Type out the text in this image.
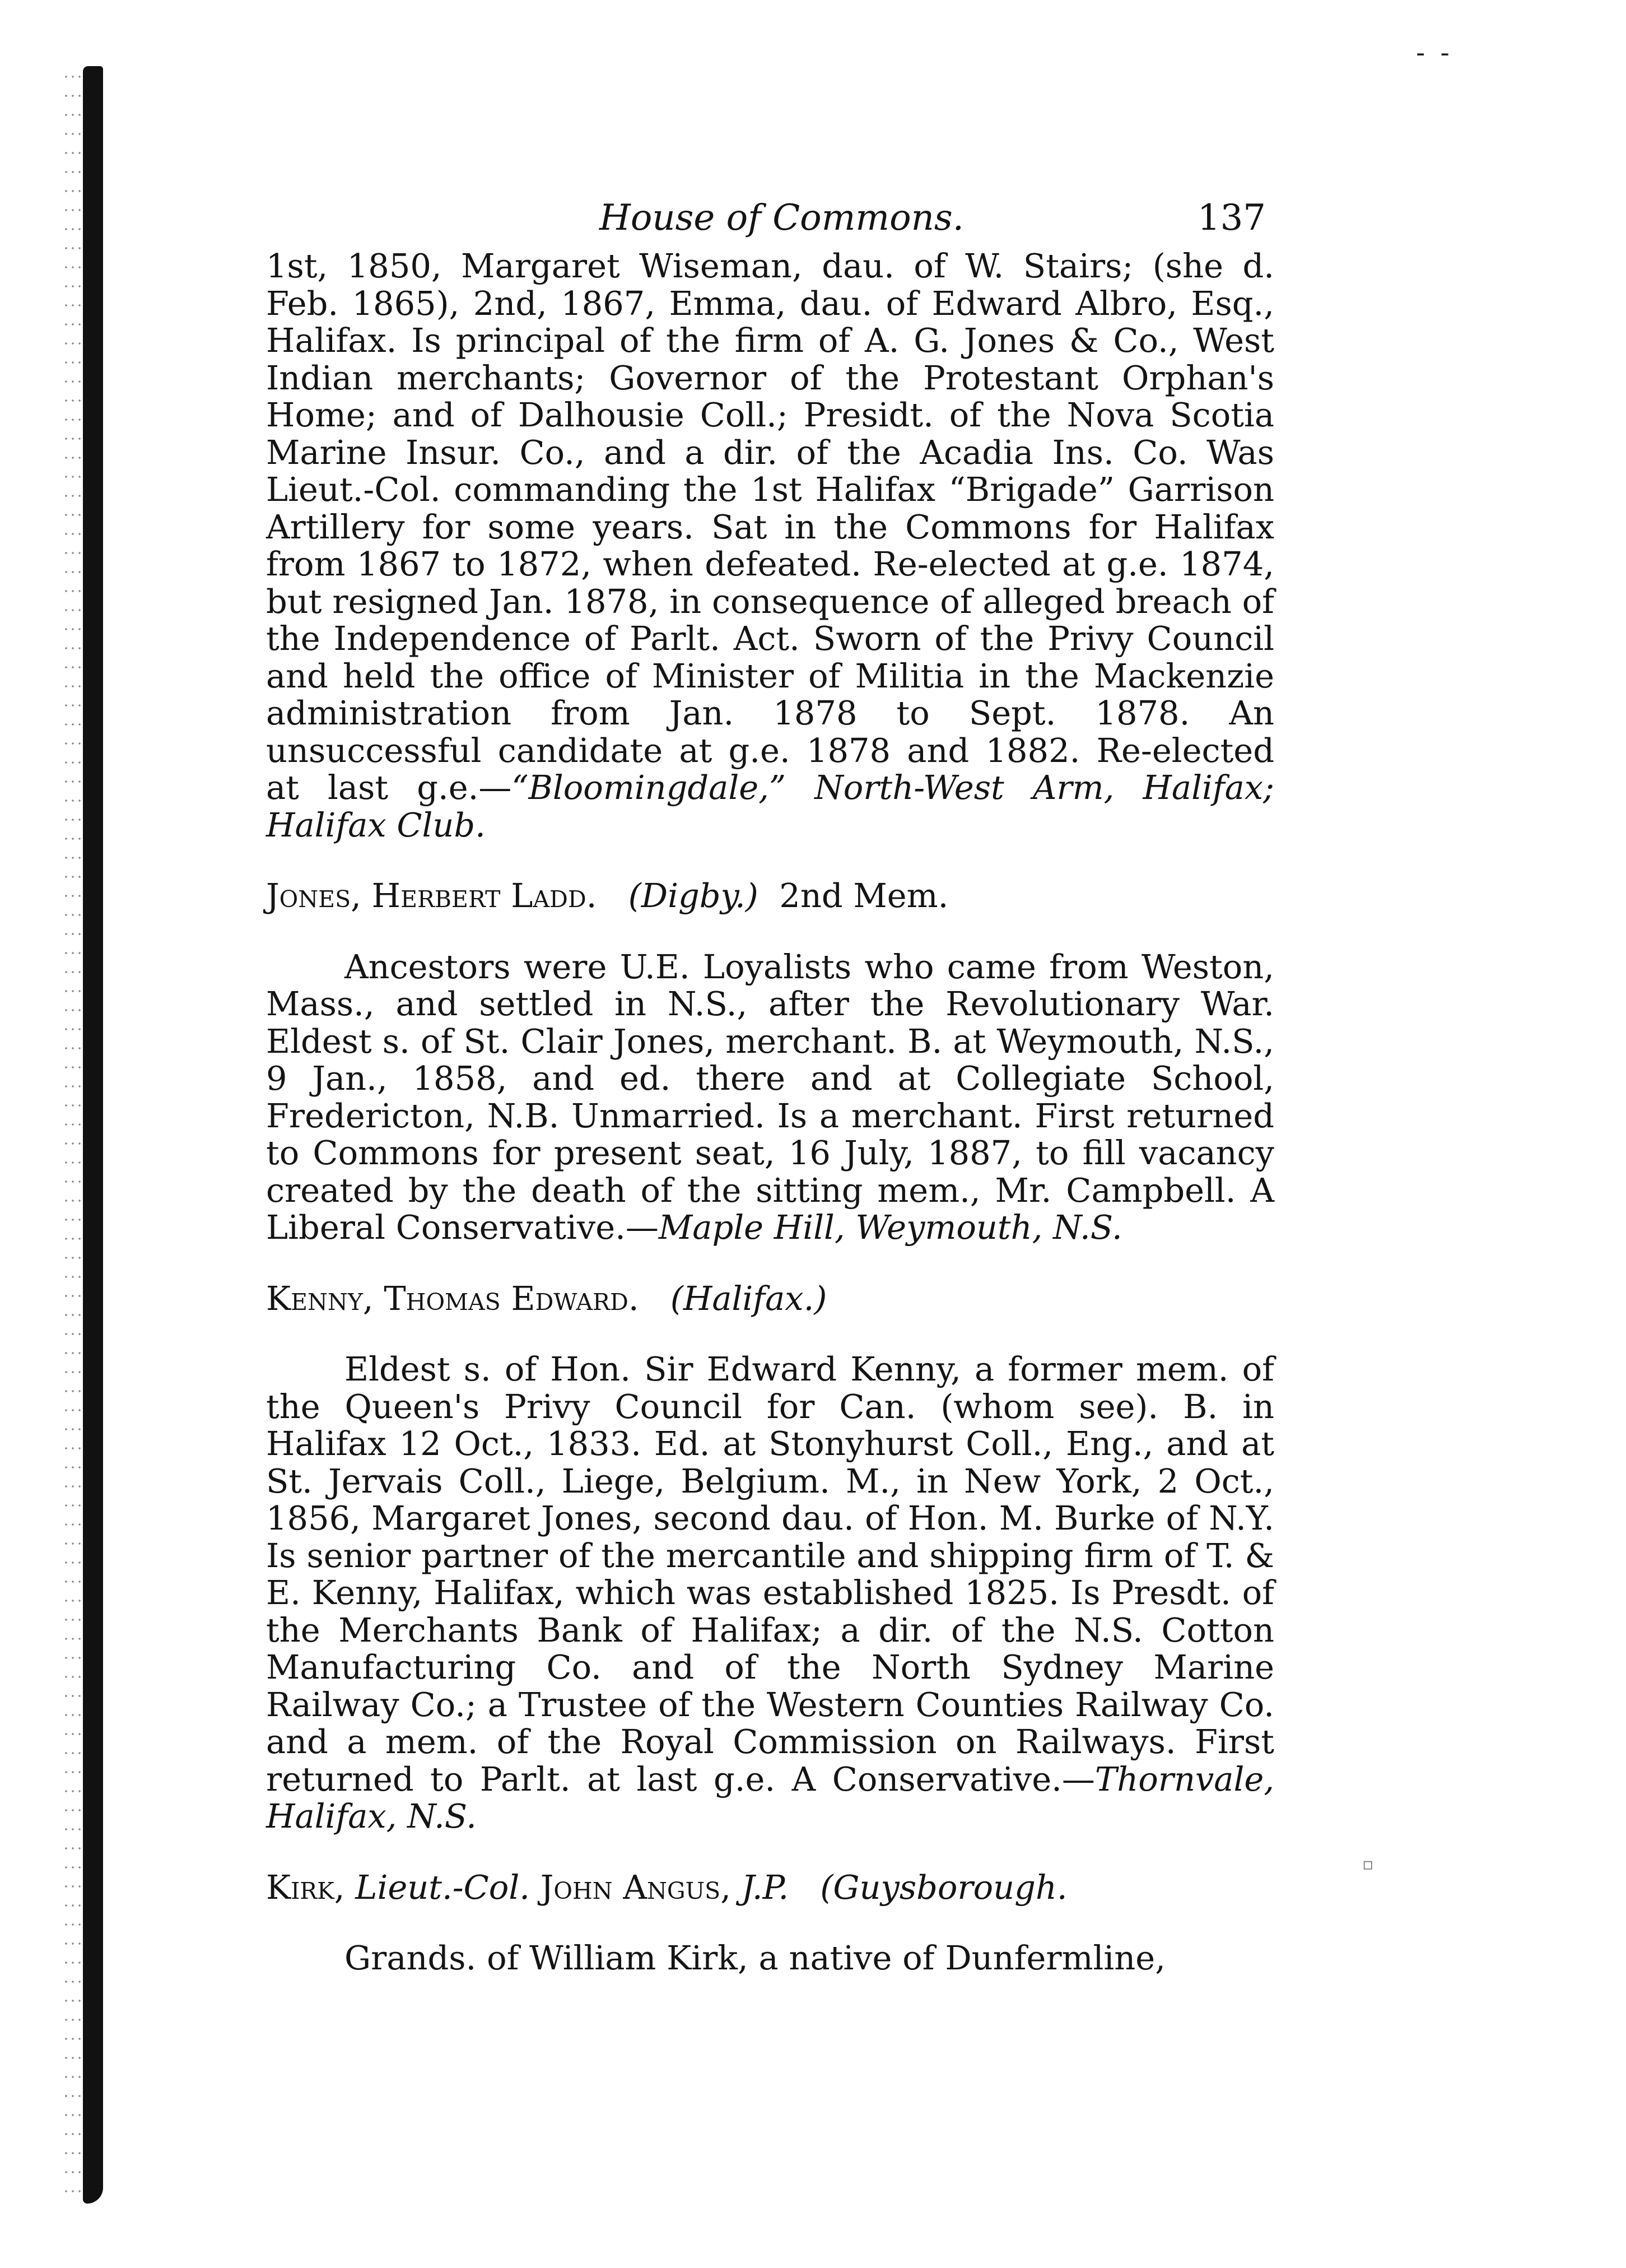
- -
▫
House of Commons.	137

1st, 1850, Margaret Wiseman, dau. of W. Stairs; (she d. Feb. 1865), 2nd, 1867, Emma, dau. of Edward Albro, Esq., Halifax. Is principal of the firm of A. G. Jones & Co., West Indian merchants; Governor of the Protestant Orphan's Home; and of Dalhousie Coll.; Presidt. of the Nova Scotia Marine Insur. Co., and a dir. of the Acadia Ins. Co. Was Lieut.-Col. commanding the 1st Halifax “Brigade” Garrison Artillery for some years. Sat in the Commons for Halifax from 1867 to 1872, when defeated. Re-elected at g.e. 1874, but resigned Jan. 1878, in consequence of alleged breach of the Independence of Parlt. Act. Sworn of the Privy Council and held the office of Minister of Militia in the Mackenzie administration from Jan. 1878 to Sept. 1878. An unsuccessful candidate at g.e. 1878 and 1882. Re-elected at last g.e.—“Bloomingdale,” North-West Arm, Halifax; Halifax Club.

Jones, Herbert Ladd. (Digby.) 2nd Mem.

Ancestors were U.E. Loyalists who came from Weston, Mass., and settled in N.S., after the Revolutionary War. Eldest s. of St. Clair Jones, merchant. B. at Weymouth, N.S., 9 Jan., 1858, and ed. there and at Collegiate School, Fredericton, N.B. Unmarried. Is a merchant. First returned to Commons for present seat, 16 July, 1887, to fill vacancy created by the death of the sitting mem., Mr. Campbell. A Liberal Conservative.—Maple Hill, Weymouth, N.S.

Kenny, Thomas Edward. (Halifax.)

Eldest s. of Hon. Sir Edward Kenny, a former mem. of the Queen's Privy Council for Can. (whom see). B. in Halifax 12 Oct., 1833. Ed. at Stonyhurst Coll., Eng., and at St. Jervais Coll., Liege, Belgium. M., in New York, 2 Oct., 1856, Margaret Jones, second dau. of Hon. M. Burke of N.Y. Is senior partner of the mercantile and shipping firm of T. & E. Kenny, Halifax, which was established 1825. Is Presdt. of the Merchants Bank of Halifax; a dir. of the N.S. Cotton Manufacturing Co. and of the North Sydney Marine Railway Co.; a Trustee of the Western Counties Railway Co. and a mem. of the Royal Commission on Railways. First returned to Parlt. at last g.e. A Conservative.—Thornvale, Halifax, N.S.

Kirk, Lieut.-Col. John Angus, J.P. (Guysborough.

Grands. of William Kirk, a native of Dunfermline,
